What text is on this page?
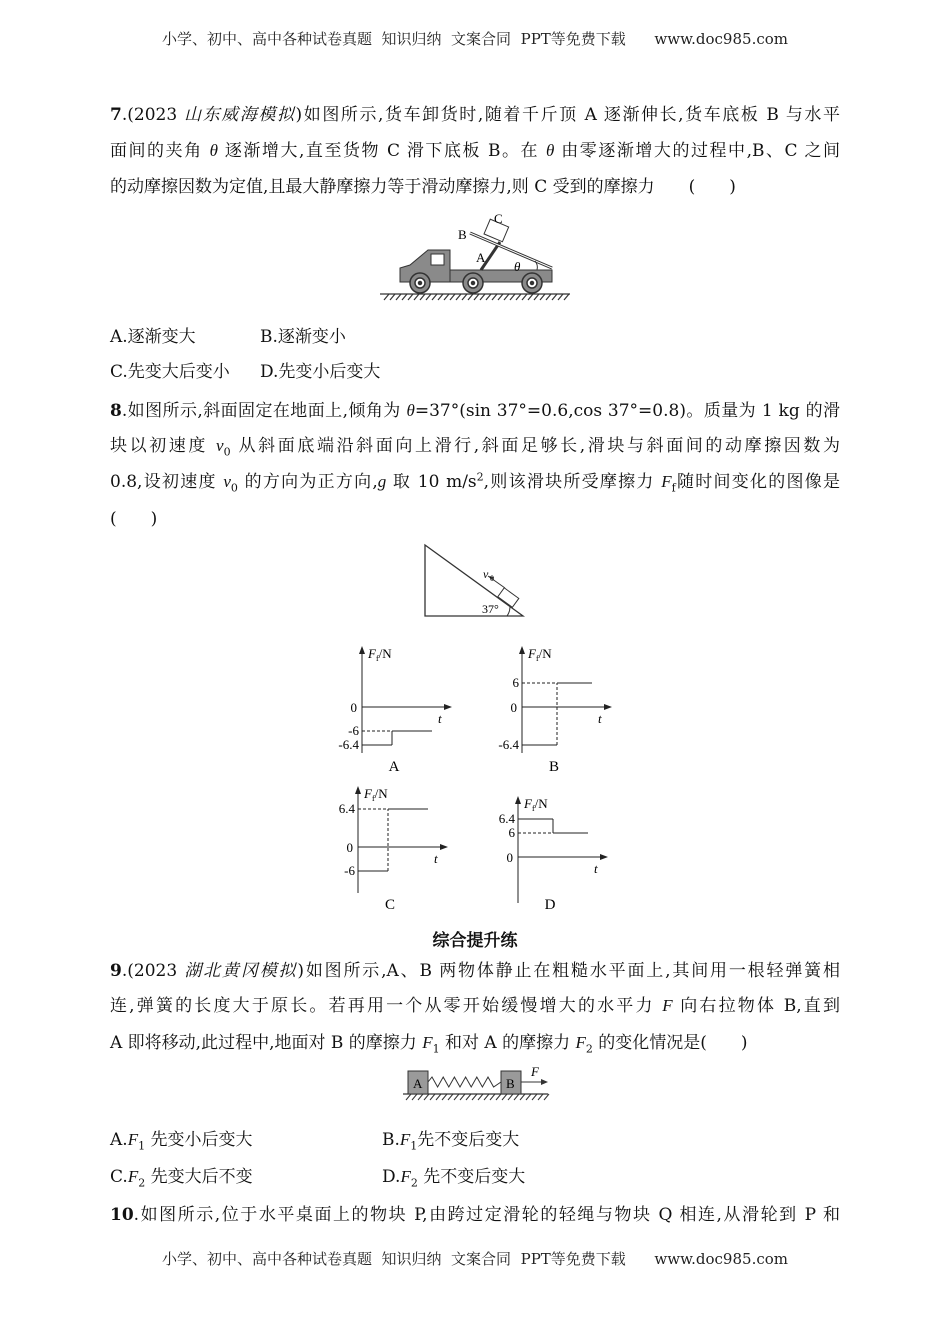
小学、初中、高中各种试卷真题  知识归纳  文案合同  PPT等免费下载      www.doc985.com
7.(2023 山东威海模拟)如图所示,货车卸货时,随着千斤顶 A 逐渐伸长,货车底板 B 与水平
面间的夹角 θ 逐渐增大,直至货物 C 滑下底板 B。在 θ 由零逐渐增大的过程中,B、C 之间
的动摩擦因数为定值,且最大静摩擦力等于滑动摩擦力,则 C 受到的摩擦力　　(　　)
B
C
A
θ
A.逐渐变大	B.逐渐变小
C.先变大后变小 D.先变小后变大
8.如图所示,斜面固定在地面上,倾角为 θ=37°(sin 37°=0.6,cos 37°=0.8)。质量为 1 kg 的滑
块以初速度 $v_0$ 从斜面底端沿斜面向上滑行,斜面足够长,滑块与斜面间的动摩擦因数为
0.8,设初速度 $v_0$ 的方向为正方向,g 取 10 $m/s^2$,则该滑块所受摩擦力 $F_f$随时间变化的图像是
(　　)
v 0
37°
$F_f/N$
t
0
-6
-6.4
A
$F_f/N$
t
0
6
-6.4
B
$F_f/N$
t
0
6.4
-6
C
$F_f/N$
t
0
6.4
6
D
综合提升练
9.(2023 湖北黄冈模拟)如图所示,A、B 两物体静止在粗糙水平面上,其间用一根轻弹簧相
连,弹簧的长度大于原长。若再用一个从零开始缓慢增大的水平力 F 向右拉物体 B,直到
A 即将移动,此过程中,地面对 B 的摩擦力 $F_1$ 和对 A 的摩擦力 $F_2$ 的变化情况是(　　)
A	B
F
$A.F_1$ 先变小后变大	$B.F_1$先不变后变大
$C.F_2$ 先变大后不变	$D.F_2$ 先不变后变大
10.如图所示,位于水平桌面上的物块 P,由跨过定滑轮的轻绳与物块 Q 相连,从滑轮到 P 和
小学、初中、高中各种试卷真题  知识归纳  文案合同  PPT等免费下载      www.doc985.com
